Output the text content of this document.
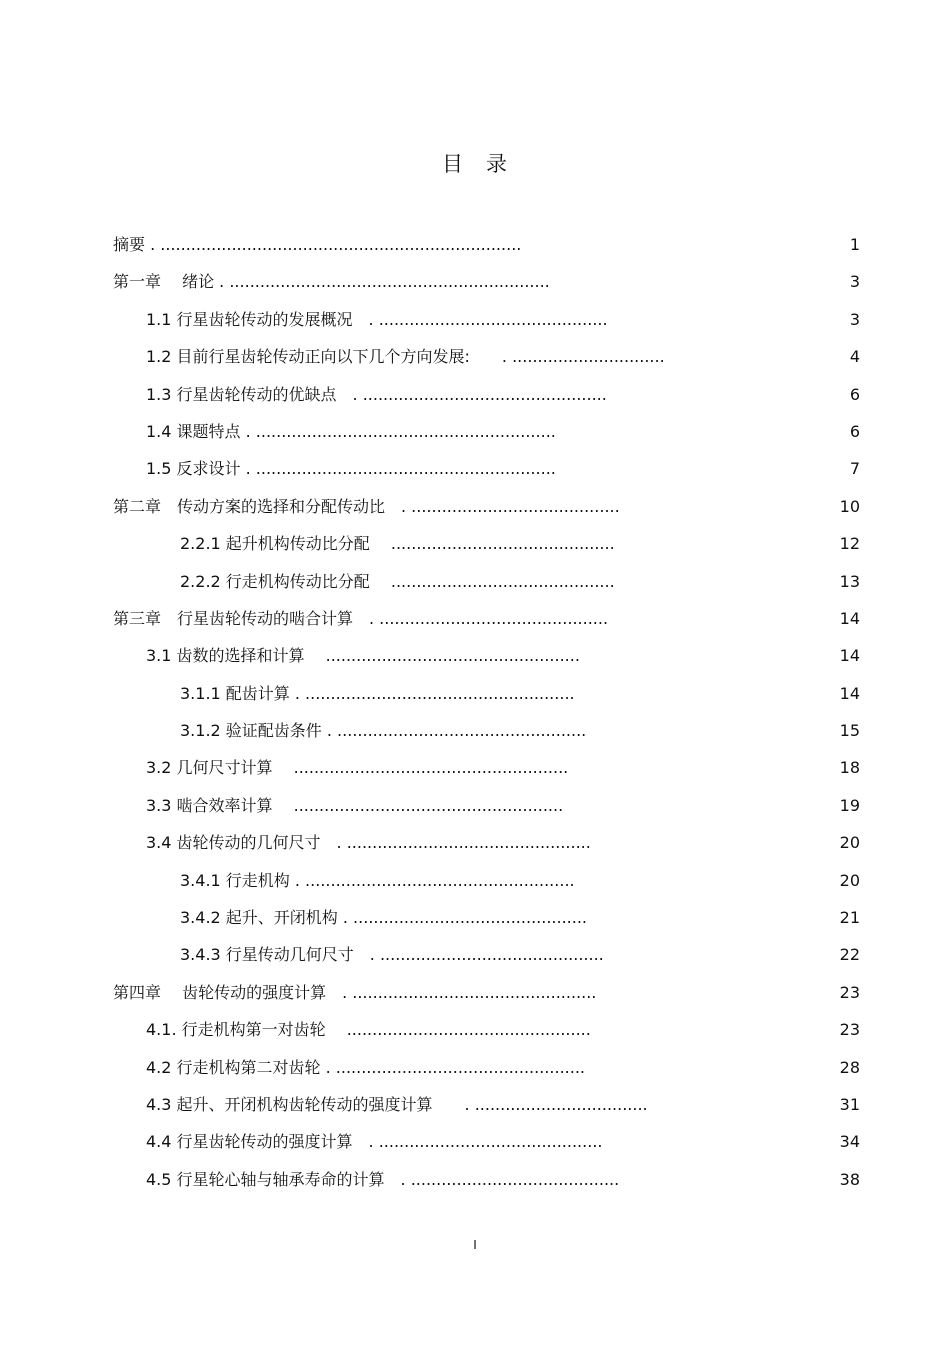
目　录
摘要 . .......................................................................	1
第一章　 绪论 . ...............................................................	3
1.1 行星齿轮传动的发展概况　. .............................................	3
1.2 目前行星齿轮传动正向以下几个方向发展:　　. ..............................	4
1.3 行星齿轮传动的优缺点　. ................................................	6
1.4 课题特点 . ...........................................................	6
1.5 反求设计 . ...........................................................	7
第二章　传动方案的选择和分配传动比　. .........................................	10
2.2.1 起升机构传动比分配　 ............................................	12
2.2.2 行走机构传动比分配　 ............................................	13
第三章　行星齿轮传动的啮合计算　. .............................................	14
3.1 齿数的选择和计算　 ..................................................	14
3.1.1 配齿计算 . .....................................................	14
3.1.2 验证配齿条件 . .................................................	15
3.2 几何尺寸计算　 ......................................................	18
3.3 啮合效率计算　 .....................................................	19
3.4 齿轮传动的几何尺寸　. ................................................	20
3.4.1 行走机构 . .....................................................	20
3.4.2 起升、开闭机构 . ..............................................	21
3.4.3 行星传动几何尺寸　. ............................................	22
第四章　 齿轮传动的强度计算　. ................................................	23
4.1. 行走机构第一对齿轮　 ................................................	23
4.2 行走机构第二对齿轮 . .................................................	28
4.3 起升、开闭机构齿轮传动的强度计算　　. ..................................	31
4.4 行星齿轮传动的强度计算　. ............................................	34
4.5 行星轮心轴与轴承寿命的计算　. .........................................	38
I
